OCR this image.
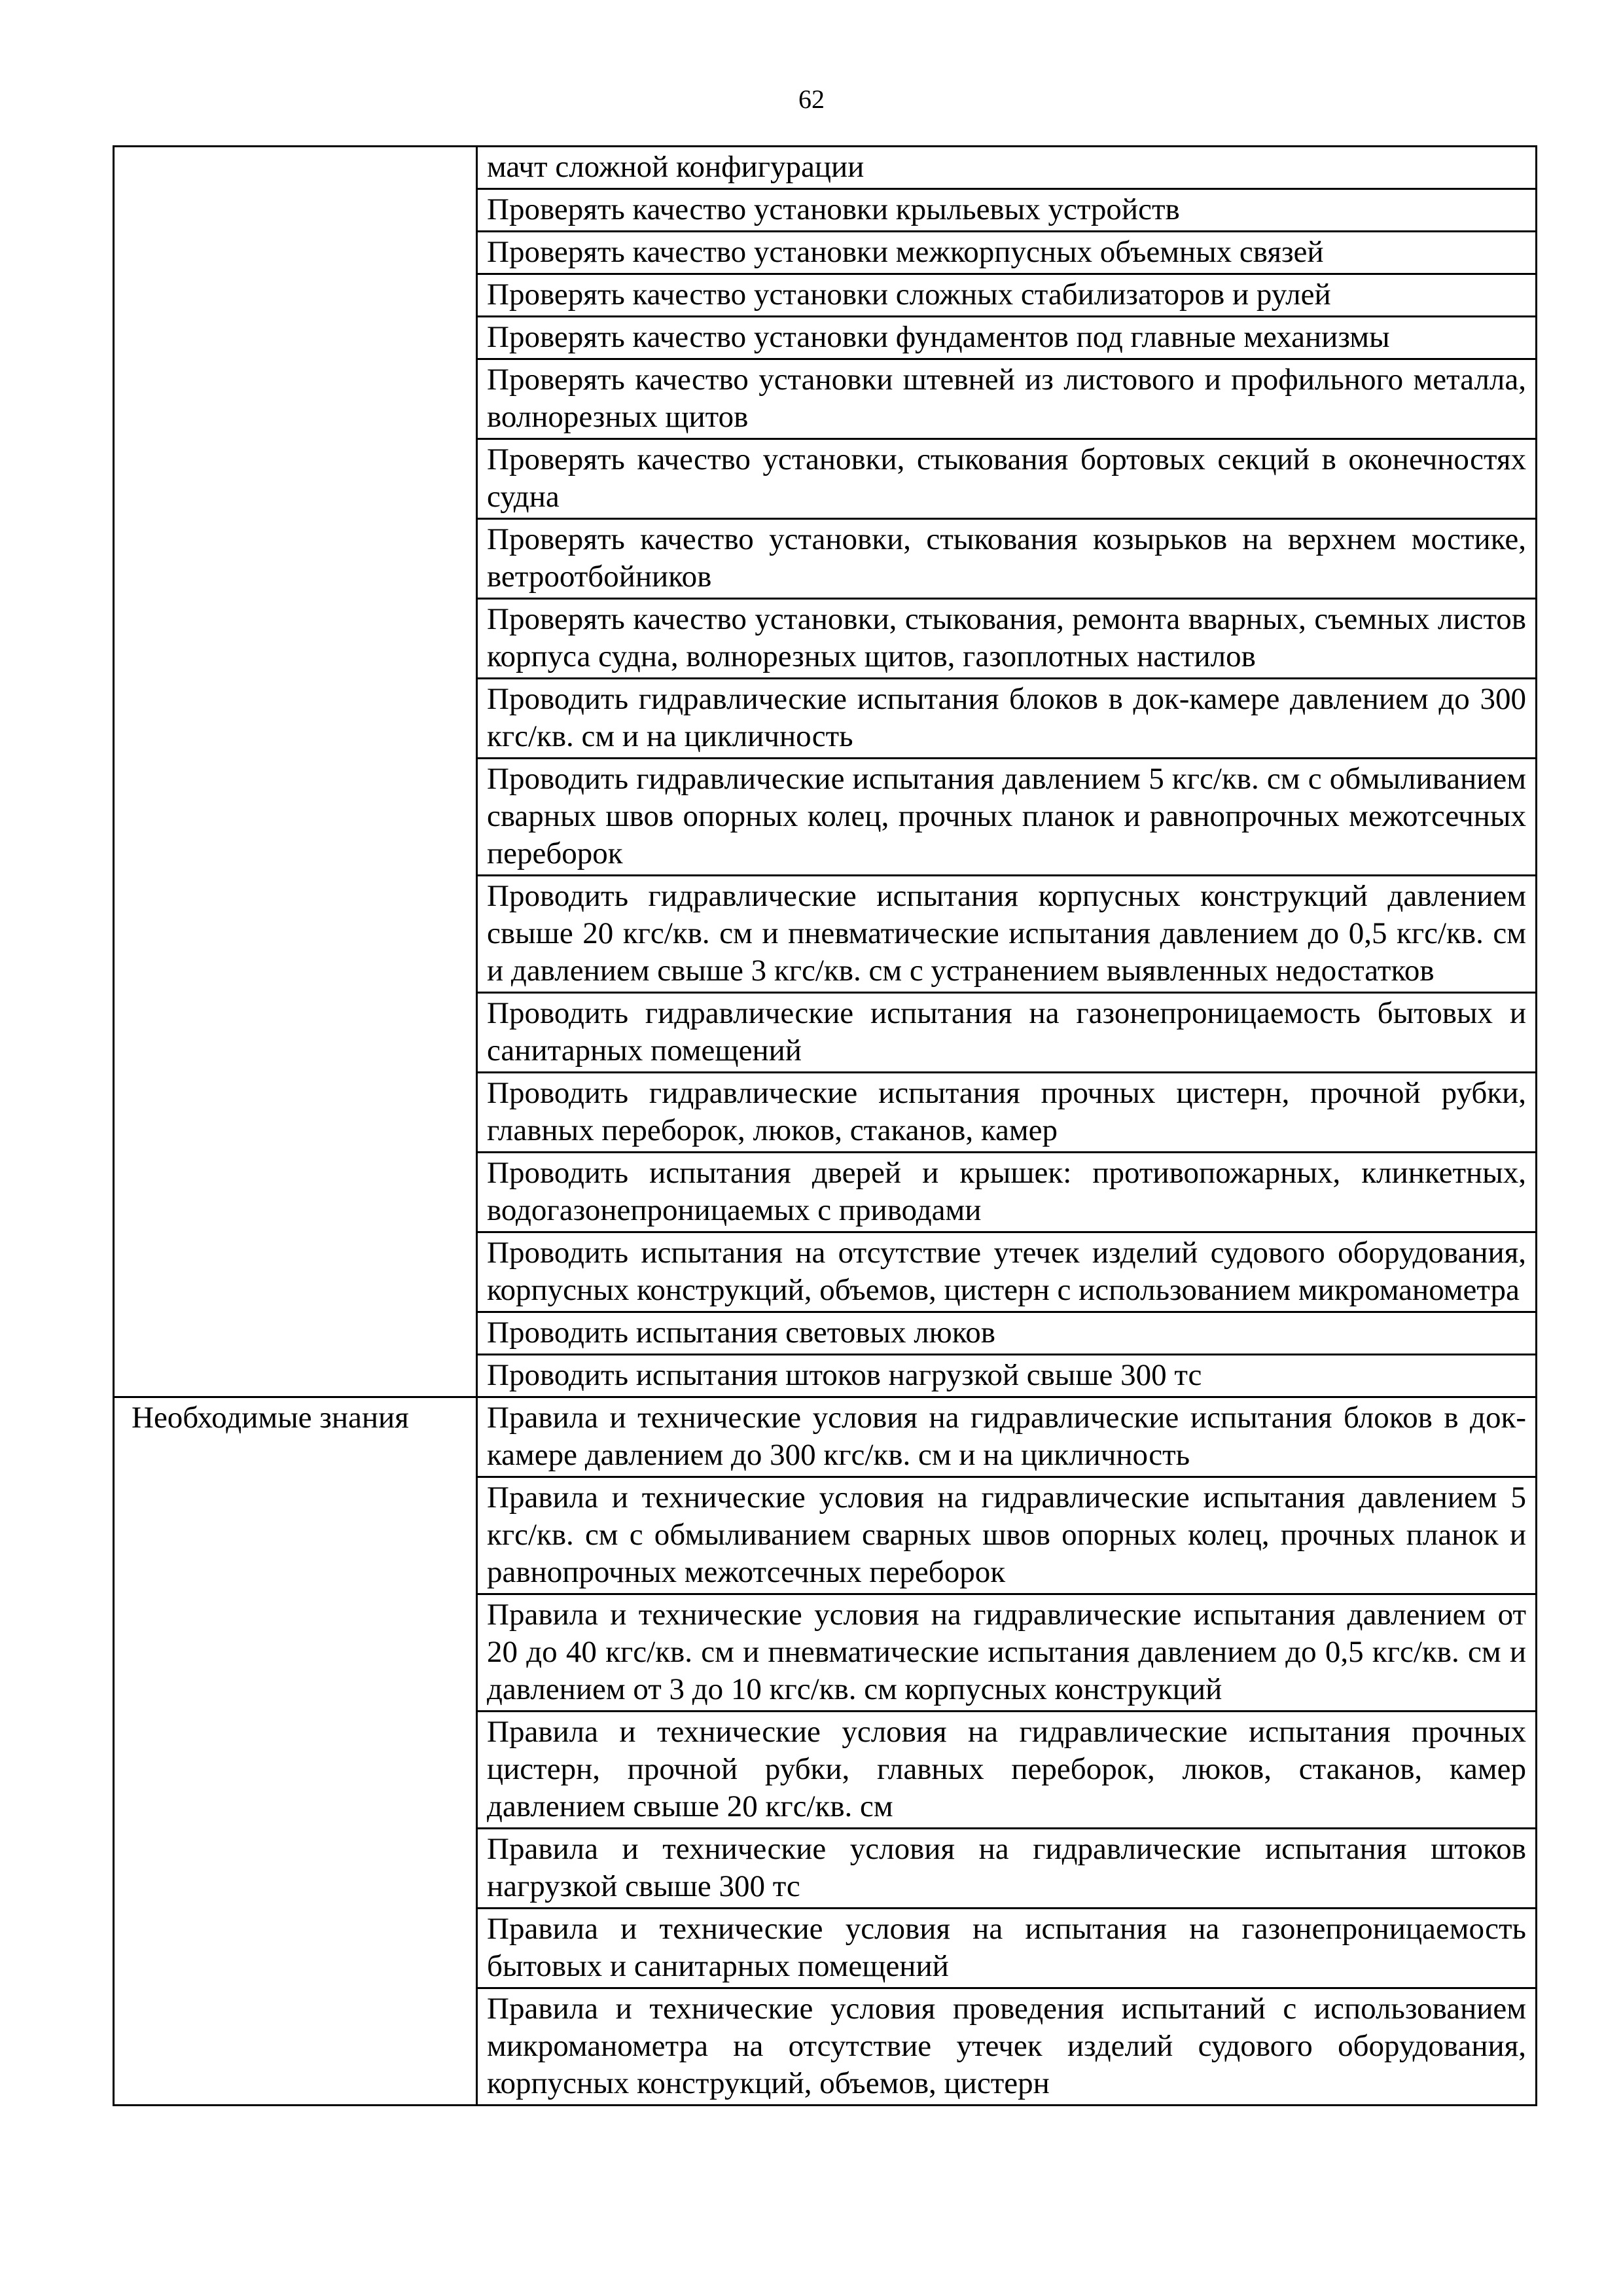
62
	мачт сложной конфигурации
	Проверять качество установки крыльевых устройств
	Проверять качество установки межкорпусных объемных связей
	Проверять качество установки сложных стабилизаторов и рулей
	Проверять качество установки фундаментов под главные механизмы
	Проверять качество установки штевней из листового и профильного металла, волнорезных щитов
	Проверять качество установки, стыкования бортовых секций в оконечностях судна
	Проверять качество установки, стыкования козырьков на верхнем мостике, ветроотбойников
	Проверять качество установки, стыкования, ремонта вварных, съемных листов корпуса судна, волнорезных щитов, газоплотных настилов
	Проводить гидравлические испытания блоков в док-камере давлением до 300 кгс/кв. см и на цикличность
	Проводить гидравлические испытания давлением 5 кгс/кв. см с обмыливанием сварных швов опорных колец, прочных планок и равнопрочных межотсечных переборок
	Проводить гидравлические испытания корпусных конструкций давлением свыше 20 кгс/кв. см и пневматические испытания давлением до 0,5 кгс/кв. см и давлением свыше 3 кгс/кв. см с устранением выявленных недостатков
	Проводить гидравлические испытания на газонепроницаемость бытовых и санитарных помещений
	Проводить гидравлические испытания прочных цистерн, прочной рубки, главных переборок, люков, стаканов, камер
	Проводить испытания дверей и крышек: противопожарных, клинкетных, водогазонепроницаемых с приводами
	Проводить испытания на отсутствие утечек изделий судового оборудования, корпусных конструкций, объемов, цистерн с использованием микроманометра
	Проводить испытания световых люков
	Проводить испытания штоков нагрузкой свыше 300 тс
Необходимые знания	Правила и технические условия на гидравлические испытания блоков в док-камере давлением до 300 кгс/кв. см и на цикличность
	Правила и технические условия на гидравлические испытания давлением 5 кгс/кв. см с обмыливанием сварных швов опорных колец, прочных планок и равнопрочных межотсечных переборок
	Правила и технические условия на гидравлические испытания давлением от 20 до 40 кгс/кв. см и пневматические испытания давлением до 0,5 кгс/кв. см и давлением от 3 до 10 кгс/кв. см корпусных конструкций
	Правила и технические условия на гидравлические испытания прочных цистерн, прочной рубки, главных переборок, люков, стаканов, камер давлением свыше 20 кгс/кв. см
	Правила и технические условия на гидравлические испытания штоков нагрузкой свыше 300 тс
	Правила и технические условия на испытания на газонепроницаемость бытовых и санитарных помещений
	Правила и технические условия проведения испытаний с использованием микроманометра на отсутствие утечек изделий судового оборудования, корпусных конструкций, объемов, цистерн
